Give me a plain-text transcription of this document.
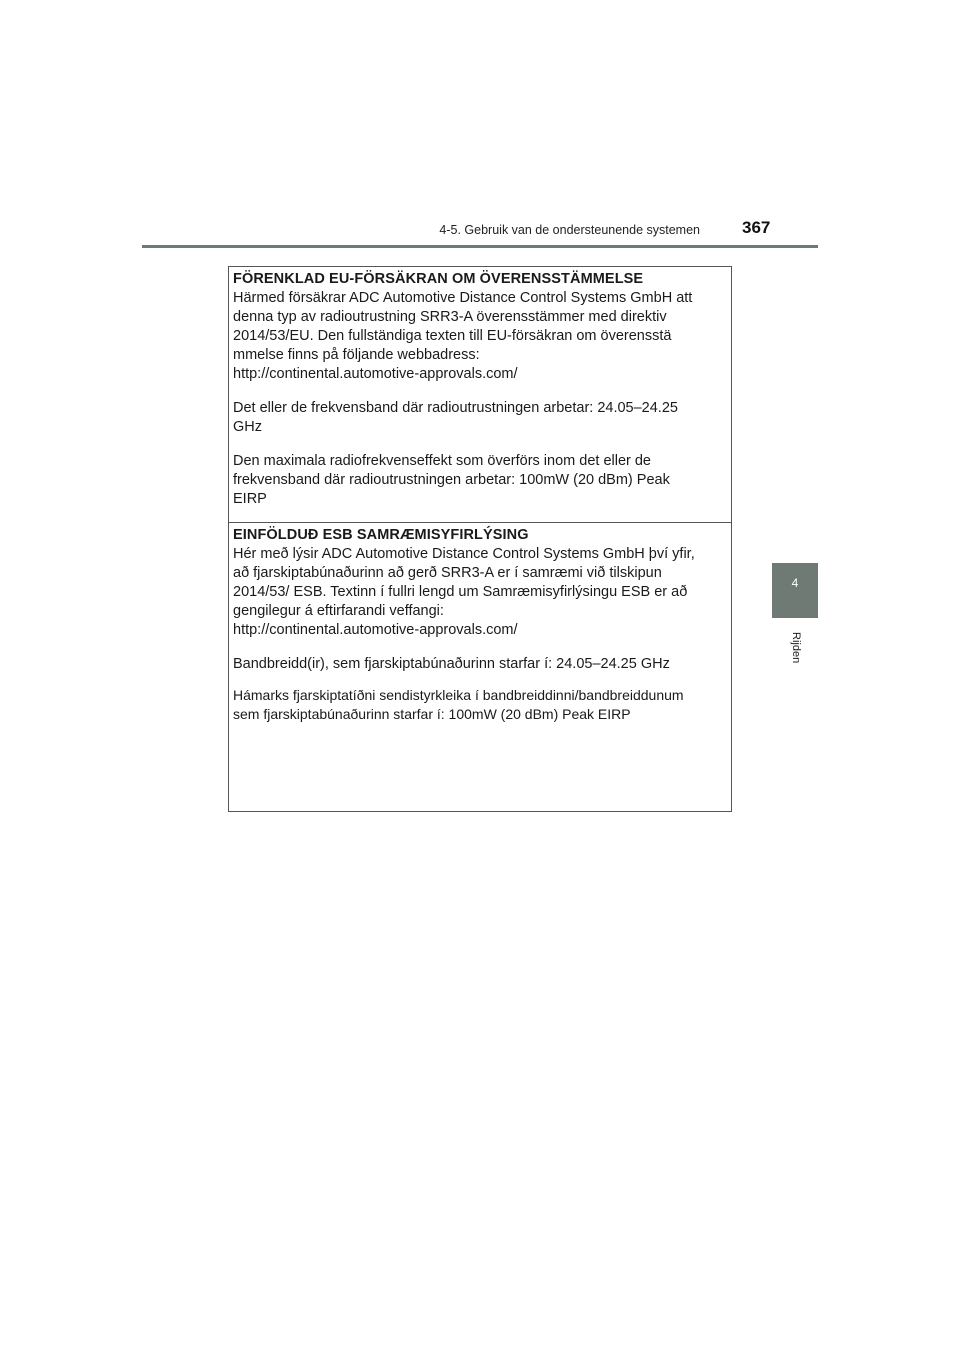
4-5. Gebruik van de ondersteunende systemen 367
4
Rijden
FÖRENKLAD EU-FÖRSÄKRAN OM ÖVERENSSTÄMMELSE

Härmed försäkrar ADC Automotive Distance Control Systems GmbH att
denna typ av radioutrustning SRR3-A överensstämmer med direktiv
2014/53/EU. Den fullständiga texten till EU-försäkran om överensstä
mmelse finns på följande webbadress:
http://continental.automotive-approvals.com/

Det eller de frekvensband där radioutrustningen arbetar: 24.05–24.25
GHz

Den maximala radiofrekvenseffekt som överförs inom det eller de
frekvensband där radioutrustningen arbetar: 100mW (20 dBm) Peak
EIRP

EINFÖLDUÐ ESB SAMRÆMISYFIRLÝSING

Hér með lýsir ADC Automotive Distance Control Systems GmbH því yfir,
að fjarskiptabúnaðurinn að gerð SRR3-A er í samræmi við tilskipun
2014/53/ ESB. Textinn í fullri lengd um Samræmisyfirlýsingu ESB er að
gengilegur á eftirfarandi veffangi:
http://continental.automotive-approvals.com/

Bandbreidd(ir), sem fjarskiptabúnaðurinn starfar í: 24.05–24.25 GHz

Hámarks fjarskiptatíðni sendistyrkleika í bandbreiddinni/bandbreiddunum
sem fjarskiptabúnaðurinn starfar í: 100mW (20 dBm) Peak EIRP
